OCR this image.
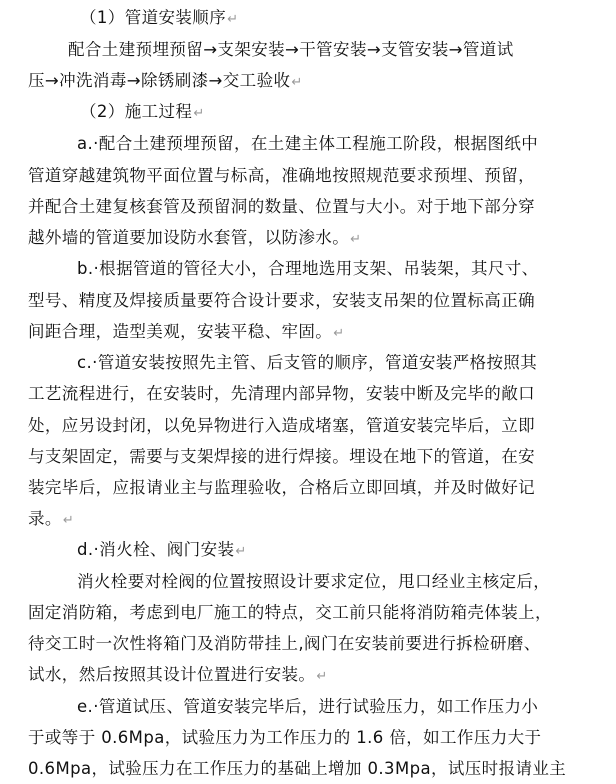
（1）管道安装顺序↵
配合土建预埋预留→支架安装→干管安装→支管安装→管道试
压→冲洗消毒→除锈刷漆→交工验收↵
（2）施工过程↵
a.·配合土建预埋预留，在土建主体工程施工阶段，根据图纸中
管道穿越建筑物平面位置与标高，准确地按照规范要求预埋、预留，
并配合土建复核套管及预留洞的数量、位置与大小。对于地下部分穿
越外墙的管道要加设防水套管，以防渗水。↵
b.·根据管道的管径大小，合理地选用支架、吊装架，其尺寸、
型号、精度及焊接质量要符合设计要求，安装支吊架的位置标高正确
间距合理，造型美观，安装平稳、牢固。↵
c.·管道安装按照先主管、后支管的顺序，管道安装严格按照其
工艺流程进行，在安装时，先清理内部异物，安装中断及完毕的敞口
处，应另设封闭，以免异物进行入造成堵塞，管道安装完毕后，立即
与支架固定，需要与支架焊接的进行焊接。埋设在地下的管道，在安
装完毕后，应报请业主与监理验收，合格后立即回填，并及时做好记
录。↵
d.·消火栓、阀门安装↵
消火栓要对栓阀的位置按照设计要求定位，甩口经业主核定后，
固定消防箱，考虑到电厂施工的特点，交工前只能将消防箱壳体装上，
待交工时一次性将箱门及消防带挂上,阀门在安装前要进行拆检研磨、
试水，然后按照其设计位置进行安装。↵
e.·管道试压、管道安装完毕后，进行试验压力，如工作压力小
于或等于 0.6Mpa，试验压力为工作压力的 1.6 倍，如工作压力大于
0.6Mpa，试验压力在工作压力的基础上增加 0.3Mpa，试压时报请业主
